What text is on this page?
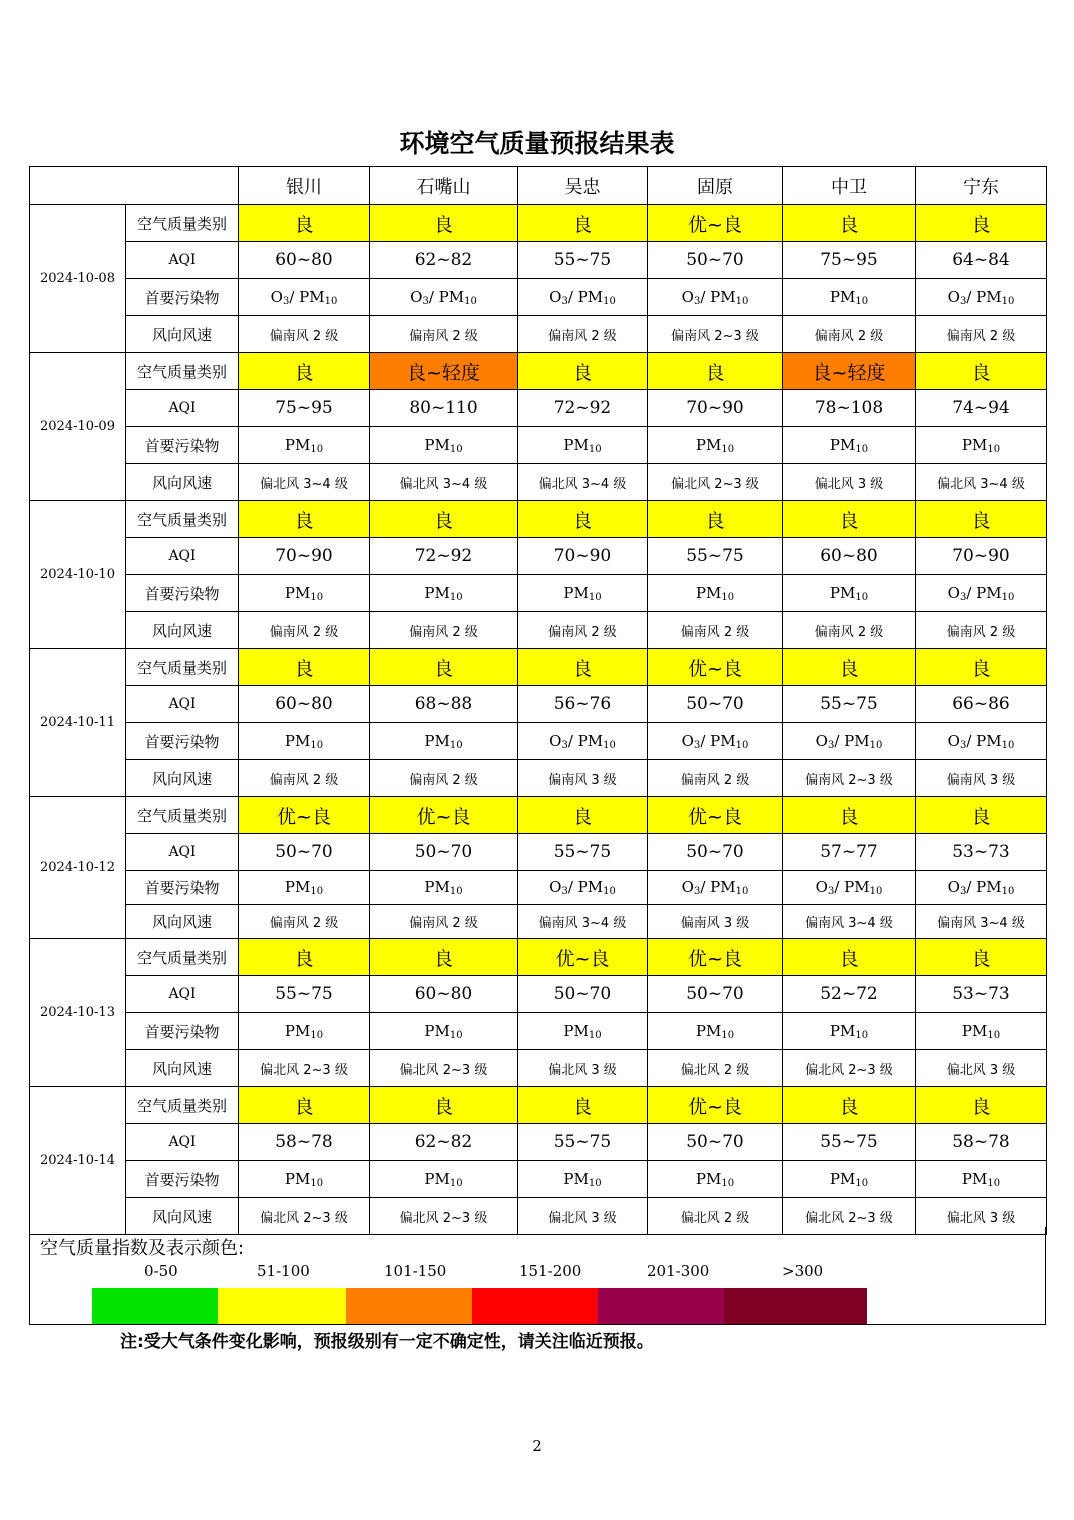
环境空气质量预报结果表
		银川	石嘴山	吴忠	固原	中卫	宁东
2024-10-08	空气质量类别	良	良	良	优~良	良	良
	AQI	60~80	62~82	55~75	50~70	75~95	64~84
	首要污染物	$O_3/$ $PM_{10}$	$O_3/$ $PM_{10}$	$O_3/$ $PM_{10}$	$O_3/$ $PM_{10}$	$PM_{10}$	$O_3/$ $PM_{10}$
	风向风速	偏南风 2 级	偏南风 2 级	偏南风 2 级	偏南风 2~3 级	偏南风 2 级	偏南风 2 级
2024-10-09	空气质量类别	良	良~轻度	良	良	良~轻度	良
	AQI	75~95	80~110	72~92	70~90	78~108	74~94
	首要污染物	$PM_{10}$	$PM_{10}$	$PM_{10}$	$PM_{10}$	$PM_{10}$	$PM_{10}$
	风向风速	偏北风 3~4 级	偏北风 3~4 级	偏北风 3~4 级	偏北风 2~3 级	偏北风 3 级	偏北风 3~4 级
2024-10-10	空气质量类别	良	良	良	良	良	良
	AQI	70~90	72~92	70~90	55~75	60~80	70~90
	首要污染物	$PM_{10}$	$PM_{10}$	$PM_{10}$	$PM_{10}$	$PM_{10}$	$O_3/$ $PM_{10}$
	风向风速	偏南风 2 级	偏南风 2 级	偏南风 2 级	偏南风 2 级	偏南风 2 级	偏南风 2 级
2024-10-11	空气质量类别	良	良	良	优~良	良	良
	AQI	60~80	68~88	56~76	50~70	55~75	66~86
	首要污染物	$PM_{10}$	$PM_{10}$	$O_3/$ $PM_{10}$	$O_3/$ $PM_{10}$	$O_3/$ $PM_{10}$	$O_3/$ $PM_{10}$
	风向风速	偏南风 2 级	偏南风 2 级	偏南风 3 级	偏南风 2 级	偏南风 2~3 级	偏南风 3 级
2024-10-12	空气质量类别	优~良	优~良	良	优~良	良	良
	AQI	50~70	50~70	55~75	50~70	57~77	53~73
	首要污染物	$PM_{10}$	$PM_{10}$	$O_3/$ $PM_{10}$	$O_3/$ $PM_{10}$	$O_3/$ $PM_{10}$	$O_3/$ $PM_{10}$
	风向风速	偏南风 2 级	偏南风 2 级	偏南风 3~4 级	偏南风 3 级	偏南风 3~4 级	偏南风 3~4 级
2024-10-13	空气质量类别	良	良	优~良	优~良	良	良
	AQI	55~75	60~80	50~70	50~70	52~72	53~73
	首要污染物	$PM_{10}$	$PM_{10}$	$PM_{10}$	$PM_{10}$	$PM_{10}$	$PM_{10}$
	风向风速	偏北风 2~3 级	偏北风 2~3 级	偏北风 3 级	偏北风 2 级	偏北风 2~3 级	偏北风 3 级
2024-10-14	空气质量类别	良	良	良	优~良	良	良
	AQI	58~78	62~82	55~75	50~70	55~75	58~78
	首要污染物	$PM_{10}$	$PM_{10}$	$PM_{10}$	$PM_{10}$	$PM_{10}$	$PM_{10}$
	风向风速	偏北风 2~3 级	偏北风 2~3 级	偏北风 3 级	偏北风 2 级	偏北风 2~3 级	偏北风 3 级
空气质量指数及表示颜色:
0-50	51-100	101-150	151-200	201-300	>300
注:受大气条件变化影响，预报级别有一定不确定性，请关注临近预报。
2
